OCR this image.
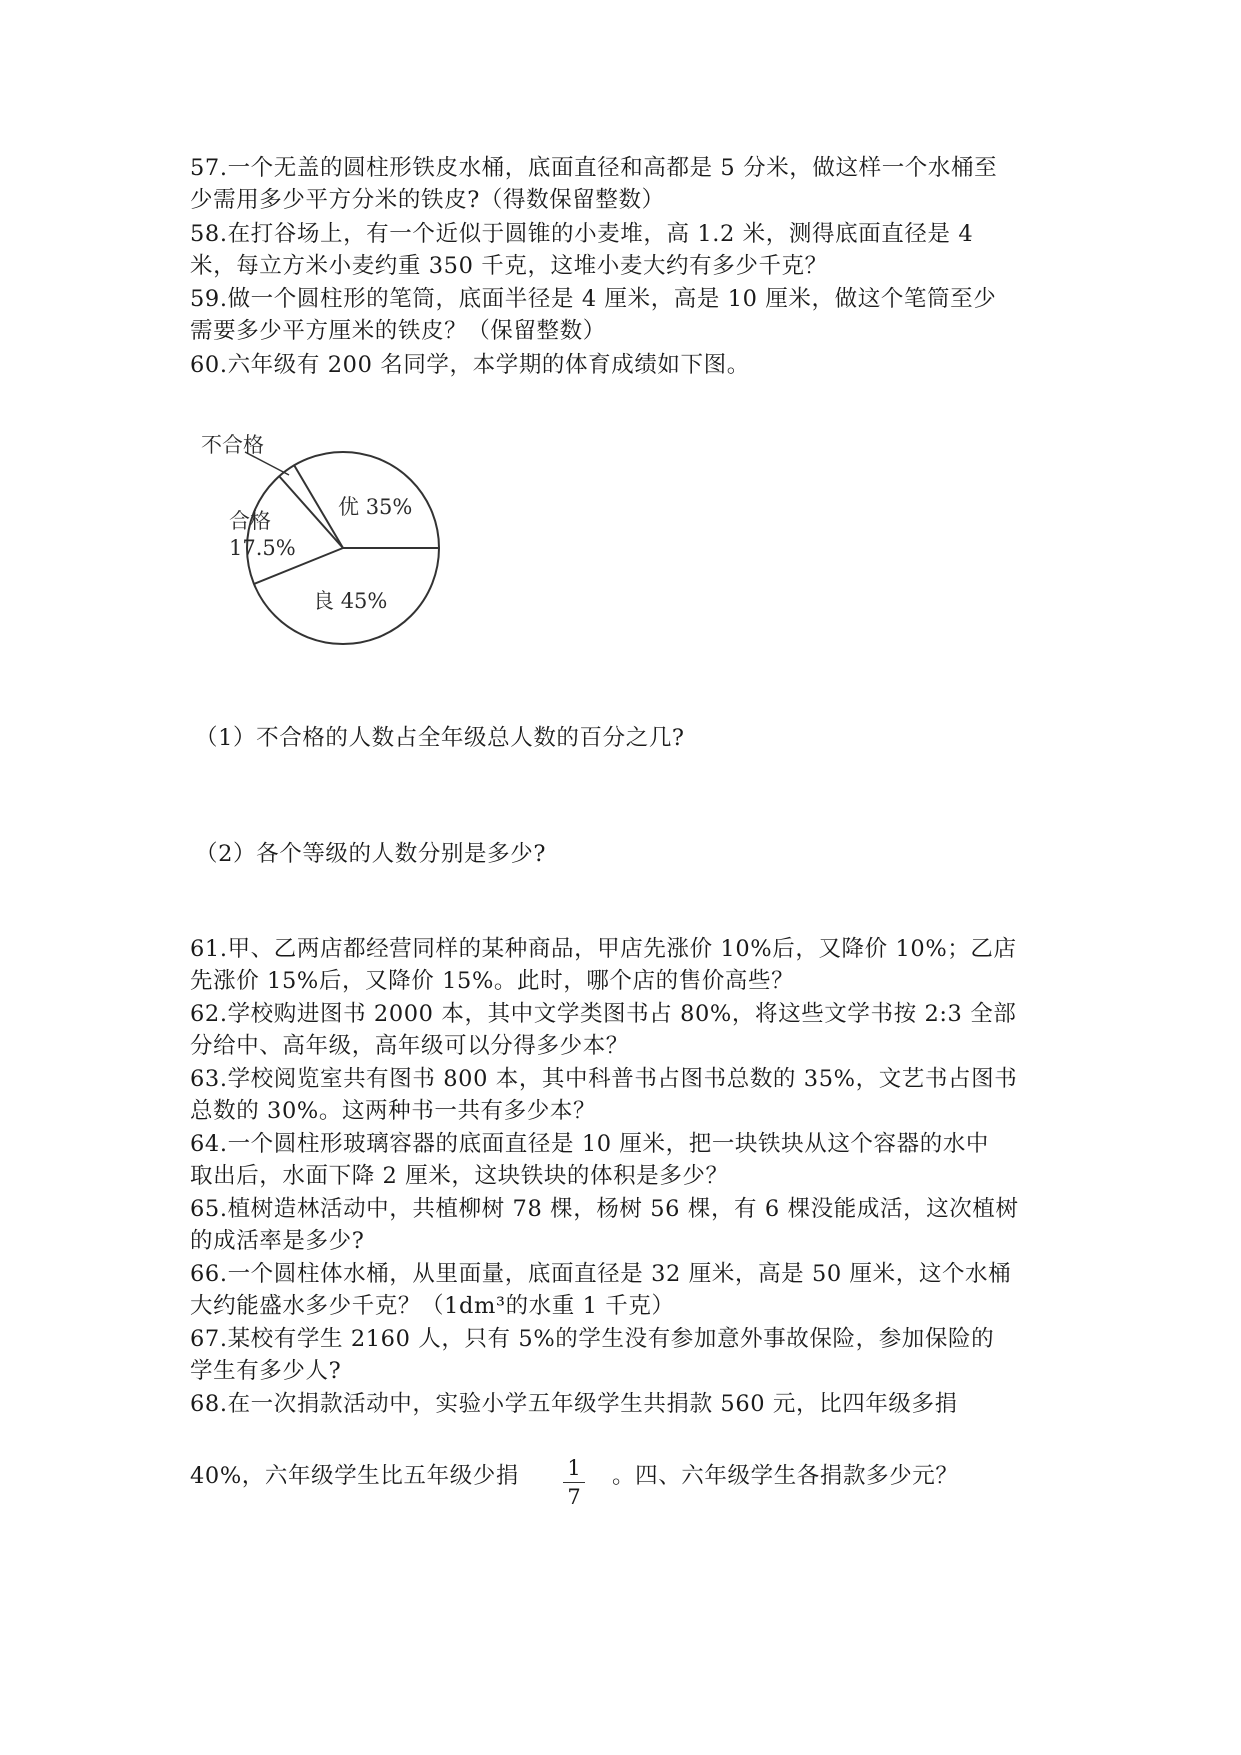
57.一个无盖的圆柱形铁皮水桶，底面直径和高都是 5 分米，做这样一个水桶至
少需用多少平方分米的铁皮?（得数保留整数）
58.在打谷场上，有一个近似于圆锥的小麦堆，高 1.2 米，测得底面直径是 4
米，每立方米小麦约重 350 千克，这堆小麦大约有多少千克？
59.做一个圆柱形的笔筒，底面半径是 4 厘米，高是 10 厘米，做这个笔筒至少
需要多少平方厘米的铁皮？（保留整数）
60.六年级有 200 名同学，本学期的体育成绩如下图。
不合格
优 35%
合格
17.5%
良 45%
（1）不合格的人数占全年级总人数的百分之几?
（2）各个等级的人数分别是多少?
61.甲、乙两店都经营同样的某种商品，甲店先涨价 10%后，又降价 10%；乙店
先涨价 15%后，又降价 15%。此时，哪个店的售价高些？
62.学校购进图书 2000 本，其中文学类图书占 80%，将这些文学书按 2:3 全部
分给中、高年级，高年级可以分得多少本？
63.学校阅览室共有图书 800 本，其中科普书占图书总数的 35%，文艺书占图书
总数的 30%。这两种书一共有多少本？
64.一个圆柱形玻璃容器的底面直径是 10 厘米，把一块铁块从这个容器的水中
取出后，水面下降 2 厘米，这块铁块的体积是多少？
65.植树造林活动中，共植柳树 78 棵，杨树 56 棵，有 6 棵没能成活，这次植树
的成活率是多少?
66.一个圆柱体水桶，从里面量，底面直径是 32 厘米，高是 50 厘米，这个水桶
大约能盛水多少千克？（1dm³的水重 1 千克）
67.某校有学生 2160 人，只有 5%的学生没有参加意外事故保险，参加保险的
学生有多少人?
68.在一次捐款活动中，实验小学五年级学生共捐款 560 元，比四年级多捐
40%，六年级学生比五年级少捐 1
7
。四、六年级学生各捐款多少元？
